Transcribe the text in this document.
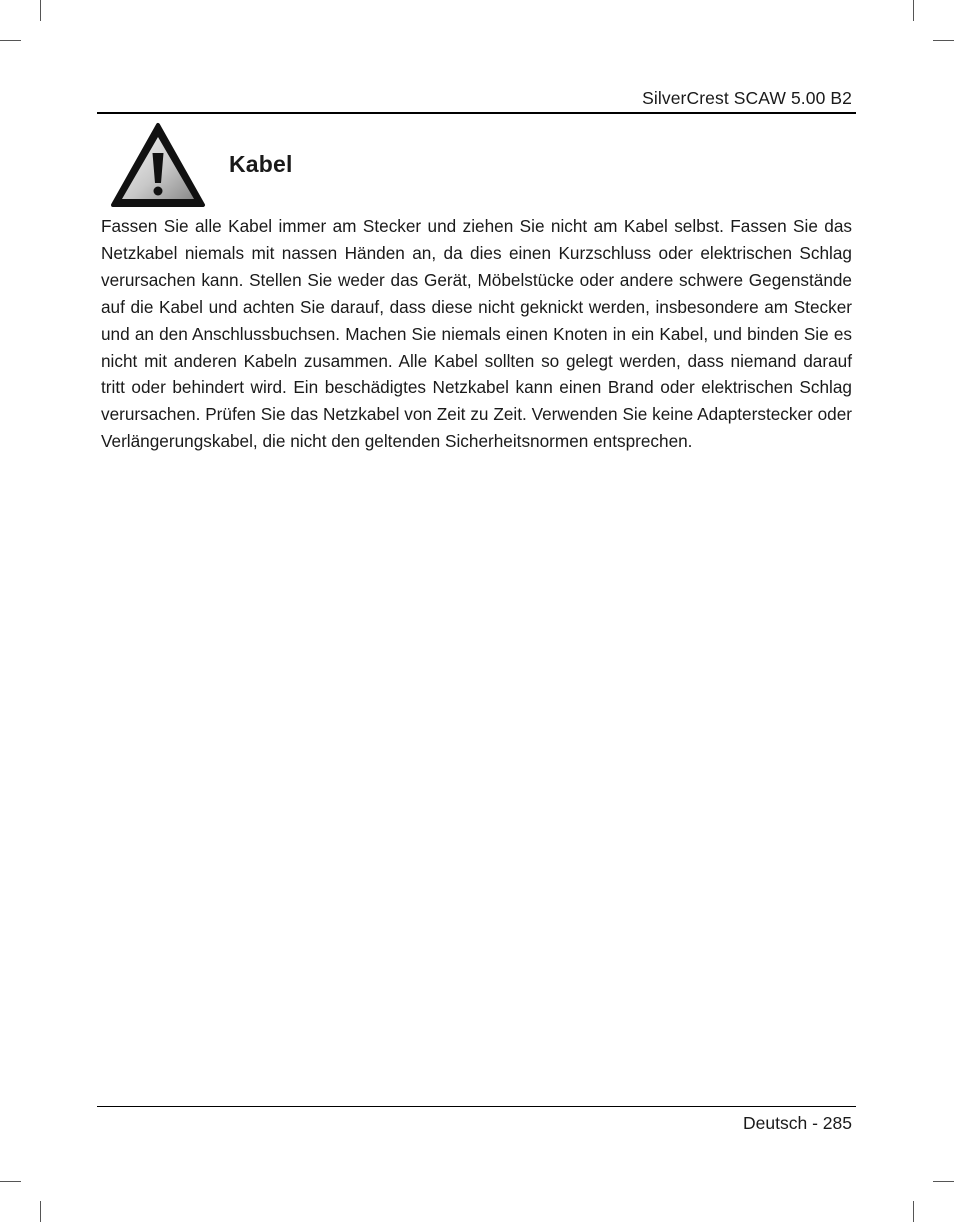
SilverCrest SCAW 5.00 B2
Kabel

Fassen Sie alle Kabel immer am Stecker und ziehen Sie nicht am Kabel selbst. Fassen Sie das Netzkabel niemals mit nassen Händen an, da dies einen Kurzschluss oder elektrischen Schlag verursachen kann. Stellen Sie weder das Gerät, Möbelstücke oder andere schwere Gegenstände auf die Kabel und achten Sie darauf, dass diese nicht geknickt werden, insbesondere am Stecker und an den Anschlussbuchsen. Machen Sie niemals einen Knoten in ein Kabel, und binden Sie es nicht mit anderen Kabeln zusammen. Alle Kabel sollten so gelegt werden, dass niemand darauf tritt oder behindert wird. Ein beschädigtes Netzkabel kann einen Brand oder elektrischen Schlag verursachen. Prüfen Sie das Netzkabel von Zeit zu Zeit. Verwenden Sie keine Adapterstecker oder Verlängerungskabel, die nicht den geltenden Sicherheitsnormen entsprechen.

Deutsch - 285
